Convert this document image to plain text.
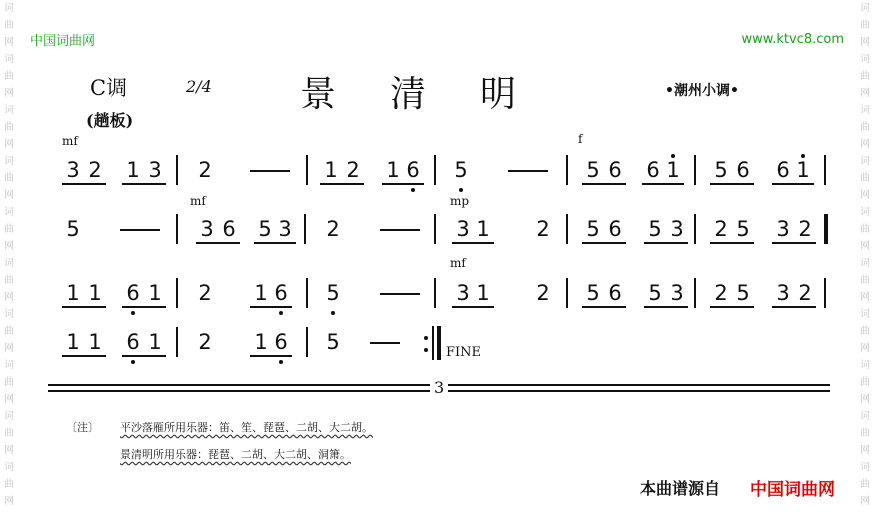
词曲网词曲网词曲网词曲网词曲网词曲网词曲网词曲网词曲网词曲网
词曲网词曲网词曲网词曲网词曲网词曲网词曲网词曲网词曲网词曲网
中国词曲网	www.ktvc8.com
C调	2/4 景清明	•潮州小调•
(趟板)
3 2 1 3 2	1 2 1 6 5	5 6 6 1 5 6 6 1
5	3 6 5 3 2	3 1 2 5 6 5 3 2 5 3 2
1 1 6 1 2 1 6 5	3 1 2 5 6 5 3 2 5 3 2
1 1 6 1 2 1 6 5
mf	f
mf	mp
mf
FINE
3
〔注〕 平沙落雁所用乐器：笛、笙、琵琶、二胡、大二胡。
景清明所用乐器：琵琶、二胡、大二胡、洞箫。
本曲谱源自 中国词曲网
